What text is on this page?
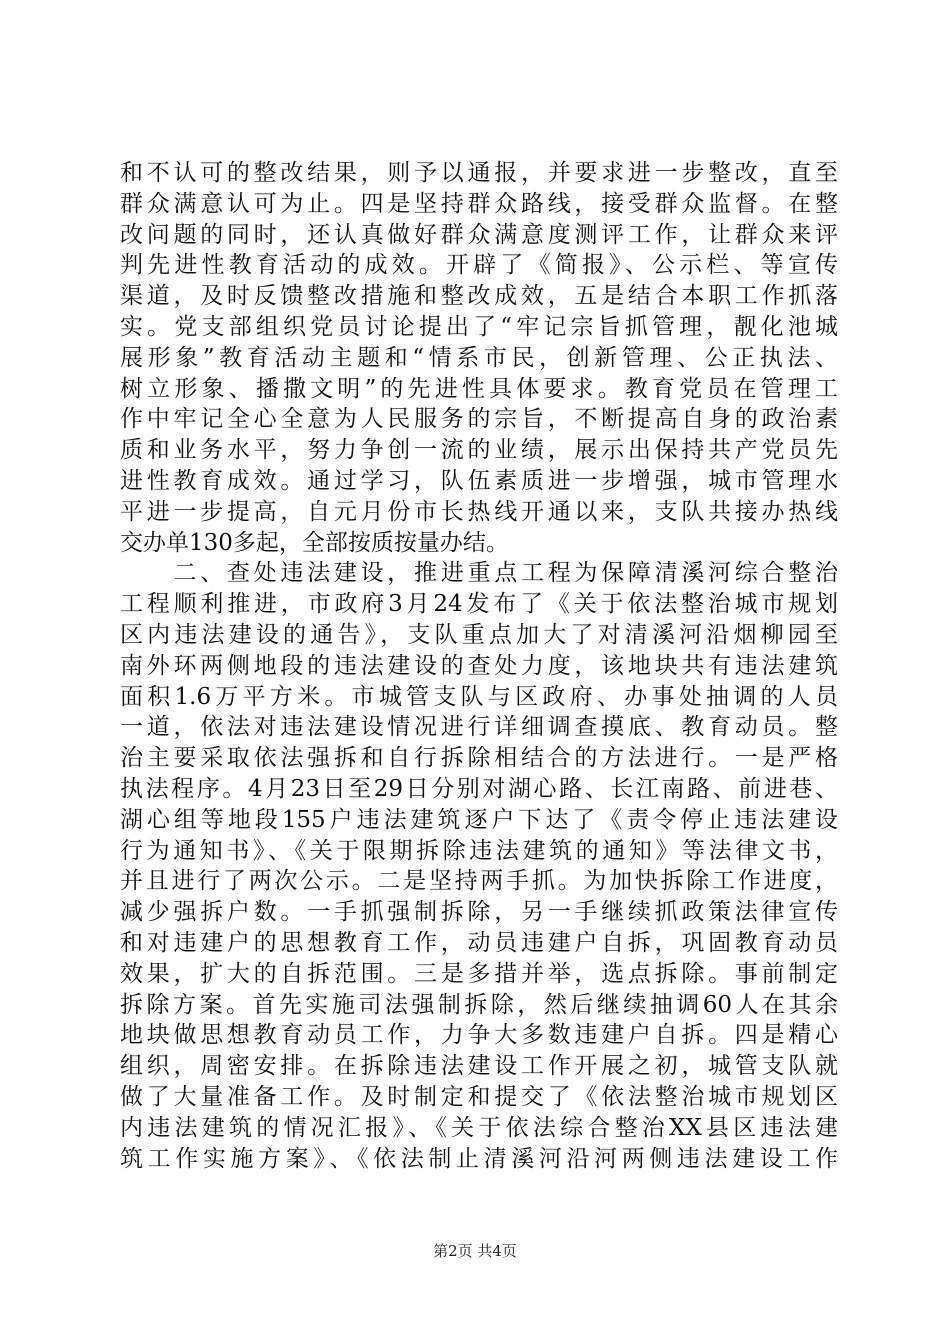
和不认可的整改结果，则予以通报，并要求进一步整改，直至
群众满意认可为止。四是坚持群众路线，接受群众监督。在整
改问题的同时，还认真做好群众满意度测评工作，让群众来评
判先进性教育活动的成效。开辟了《简报》、公示栏、等宣传
渠道，及时反馈整改措施和整改成效，五是结合本职工作抓落
实。党支部组织党员讨论提出了“牢记宗旨抓管理，靓化池城
展形象”教育活动主题和“情系市民，创新管理、公正执法、
树立形象、播撒文明”的先进性具体要求。教育党员在管理工
作中牢记全心全意为人民服务的宗旨，不断提高自身的政治素
质和业务水平，努力争创一流的业绩，展示出保持共产党员先
进性教育成效。通过学习，队伍素质进一步增强，城市管理水
平进一步提高，自元月份市长热线开通以来，支队共接办热线
交办单130多起，全部按质按量办结。
　　二、查处违法建设，推进重点工程为保障清溪河综合整治
工程顺利推进，市政府3月24发布了《关于依法整治城市规划
区内违法建设的通告》，支队重点加大了对清溪河沿烟柳园至
南外环两侧地段的违法建设的查处力度，该地块共有违法建筑
面积1.6万平方米。市城管支队与区政府、办事处抽调的人员
一道，依法对违法建设情况进行详细调查摸底、教育动员。整
治主要采取依法强拆和自行拆除相结合的方法进行。一是严格
执法程序。4月23日至29日分别对湖心路、长江南路、前进巷、
湖心组等地段155户违法建筑逐户下达了《责令停止违法建设
行为通知书》、《关于限期拆除违法建筑的通知》等法律文书，
并且进行了两次公示。二是坚持两手抓。为加快拆除工作进度，
减少强拆户数。一手抓强制拆除，另一手继续抓政策法律宣传
和对违建户的思想教育工作，动员违建户自拆，巩固教育动员
效果，扩大的自拆范围。三是多措并举，选点拆除。事前制定
拆除方案。首先实施司法强制拆除，然后继续抽调60人在其余
地块做思想教育动员工作，力争大多数违建户自拆。四是精心
组织，周密安排。在拆除违法建设工作开展之初，城管支队就
做了大量准备工作。及时制定和提交了《依法整治城市规划区
内违法建筑的情况汇报》、《关于依法综合整治XX县区违法建
筑工作实施方案》、《依法制止清溪河沿河两侧违法建设工作
第2页 共4页
